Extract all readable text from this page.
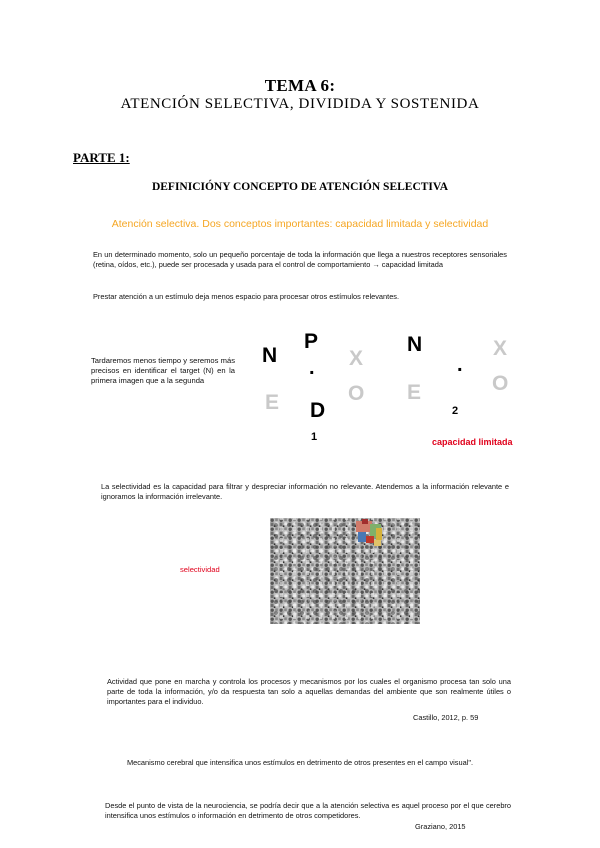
TEMA 6:
ATENCIÓN SELECTIVA, DIVIDIDA Y SOSTENIDA
PARTE 1:
DEFINICIÓNY CONCEPTO DE ATENCIÓN SELECTIVA
Atención selectiva. Dos conceptos importantes: capacidad limitada y selectividad
En un determinado momento, solo un pequeño porcentaje de toda la información que llega a nuestros receptores sensoriales (retina, oídos, etc.), puede ser procesada y usada para el control de comportamiento → capacidad limitada
Prestar atención a un estímulo deja menos espacio para procesar otros estímulos relevantes.
Tardaremos menos tiempo y seremos más precisos en identificar el target (N) en la primera imagen que a la segunda
N
P
. X
E D
O
1
N
.
X
E	O
2
capacidad limitada
La selectividad es la capacidad para filtrar y despreciar información no relevante. Atendemos a la información relevante e ignoramos la información irrelevante.
selectividad
Actividad que pone en marcha y controla los procesos y mecanismos por los cuales el organismo procesa tan solo una parte de toda la información, y/o da respuesta tan solo a aquellas demandas del ambiente que son realmente útiles o importantes para el individuo.
Castillo, 2012, p. 59
Mecanismo cerebral que intensifica unos estímulos en detrimento de otros presentes en el campo visual".
Desde el punto de vista de la neurociencia, se podría decir que a la atención selectiva es aquel proceso por el que cerebro intensifica unos estímulos o información en detrimento de otros competidores.
Graziano, 2015
